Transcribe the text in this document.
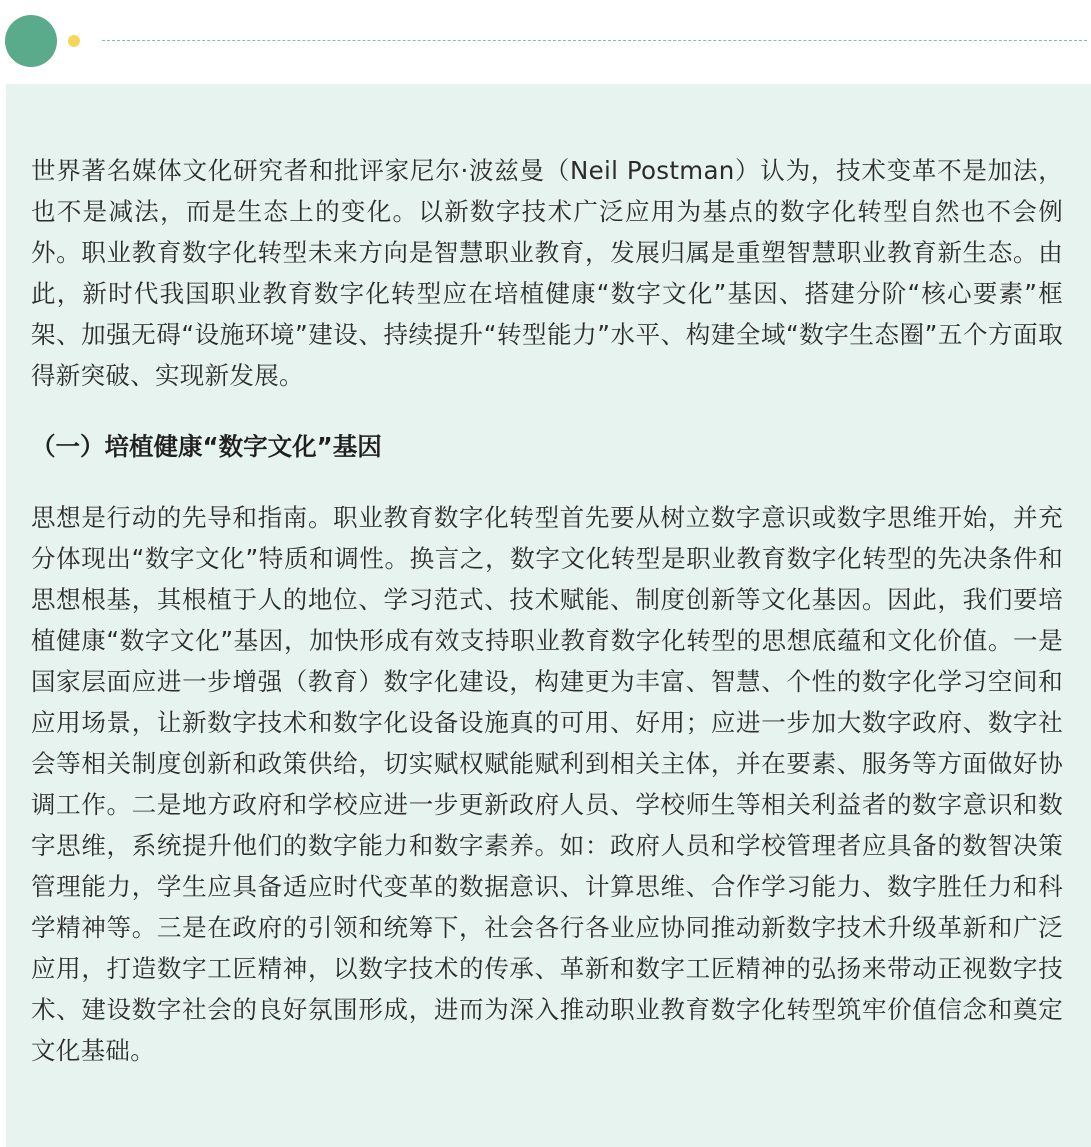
世界著名媒体文化研究者和批评家尼尔·波兹曼（Neil Postman）认为，技术变革不是加法，也不是减法，而是生态上的变化。以新数字技术广泛应用为基点的数字化转型自然也不会例外。职业教育数字化转型未来方向是智慧职业教育，发展归属是重塑智慧职业教育新生态。由此，新时代我国职业教育数字化转型应在培植健康“数字文化”基因、搭建分阶“核心要素”框架、加强无碍“设施环境”建设、持续提升“转型能力”水平、构建全域“数字生态圈”五个方面取得新突破、实现新发展。

（一）培植健康“数字文化”基因

思想是行动的先导和指南。职业教育数字化转型首先要从树立数字意识或数字思维开始，并充分体现出“数字文化”特质和调性。换言之，数字文化转型是职业教育数字化转型的先决条件和思想根基，其根植于人的地位、学习范式、技术赋能、制度创新等文化基因。因此，我们要培植健康“数字文化”基因，加快形成有效支持职业教育数字化转型的思想底蕴和文化价值。一是国家层面应进一步增强（教育）数字化建设，构建更为丰富、智慧、个性的数字化学习空间和应用场景，让新数字技术和数字化设备设施真的可用、好用；应进一步加大数字政府、数字社会等相关制度创新和政策供给，切实赋权赋能赋利到相关主体，并在要素、服务等方面做好协调工作。二是地方政府和学校应进一步更新政府人员、学校师生等相关利益者的数字意识和数字思维，系统提升他们的数字能力和数字素养。如：政府人员和学校管理者应具备的数智决策管理能力，学生应具备适应时代变革的数据意识、计算思维、合作学习能力、数字胜任力和科学精神等。三是在政府的引领和统筹下，社会各行各业应协同推动新数字技术升级革新和广泛应用，打造数字工匠精神，以数字技术的传承、革新和数字工匠精神的弘扬来带动正视数字技术、建设数字社会的良好氛围形成，进而为深入推动职业教育数字化转型筑牢价值信念和奠定文化基础。
